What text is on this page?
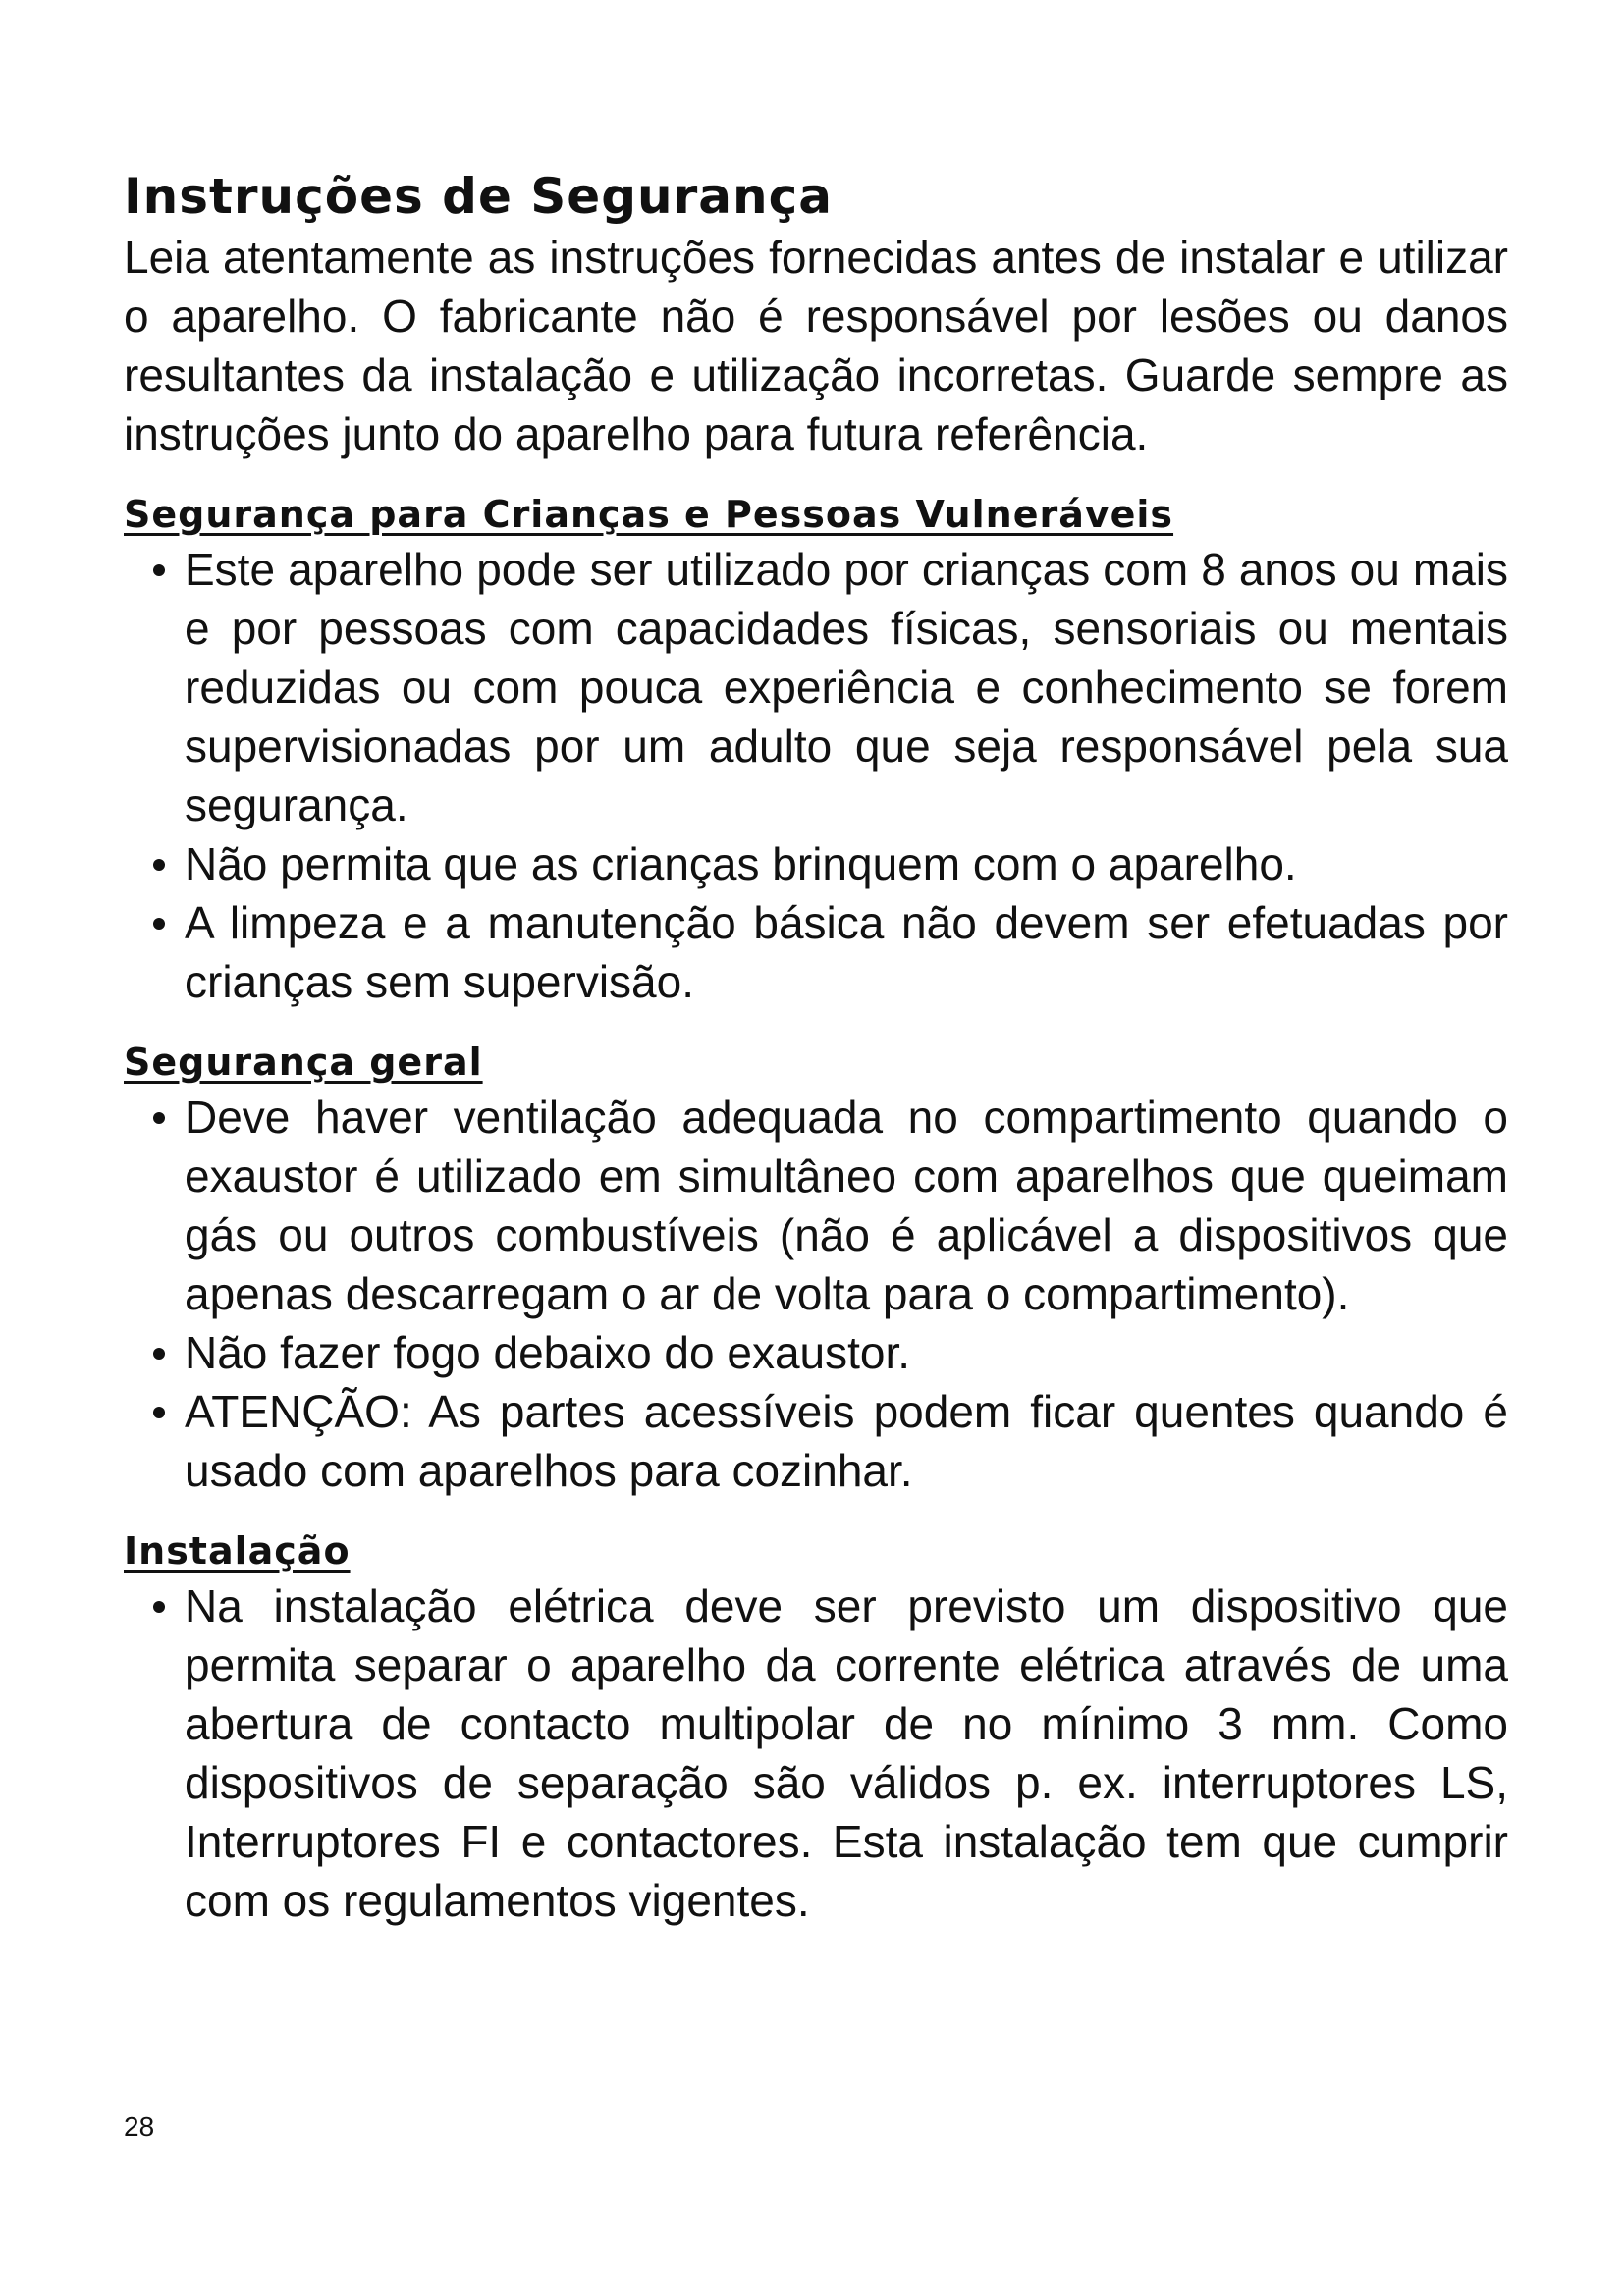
Instruções de Segurança

Leia atentamente as instruções fornecidas antes de instalar e utilizar o aparelho. O fabricante não é responsável por lesões ou danos resultantes da instalação e utilização incorretas. Guarde sempre as instruções junto do aparelho para futura referência.

Segurança para Crianças e Pessoas Vulneráveis
Este aparelho pode ser utilizado por crianças com 8 anos ou mais e por pessoas com capacidades físicas, sensoriais ou mentais reduzidas ou com pouca experiência e conhecimento se forem supervisionadas por um adulto que seja responsável pela sua segurança.
Não permita que as crianças brinquem com o aparelho.
A limpeza e a manutenção básica não devem ser efetuadas por crianças sem supervisão.
Segurança geral
Deve haver ventilação adequada no compartimento quando o exaustor é utilizado em simultâneo com aparelhos que queimam gás ou outros combustíveis (não é aplicável a dispositivos que apenas descarregam o ar de volta para o compartimento).
Não fazer fogo debaixo do exaustor.
ATENÇÃO: As partes acessíveis podem ficar quentes quando é usado com aparelhos para cozinhar.
Instalação
Na instalação elétrica deve ser previsto um dispositivo que permita separar o aparelho da corrente elétrica através de uma abertura de contacto multipolar de no mínimo 3 mm. Como dispositivos de separação são válidos p. ex. interruptores LS, Interruptores FI e contactores. Esta instalação tem que cumprir com os regulamentos vigentes.
28
